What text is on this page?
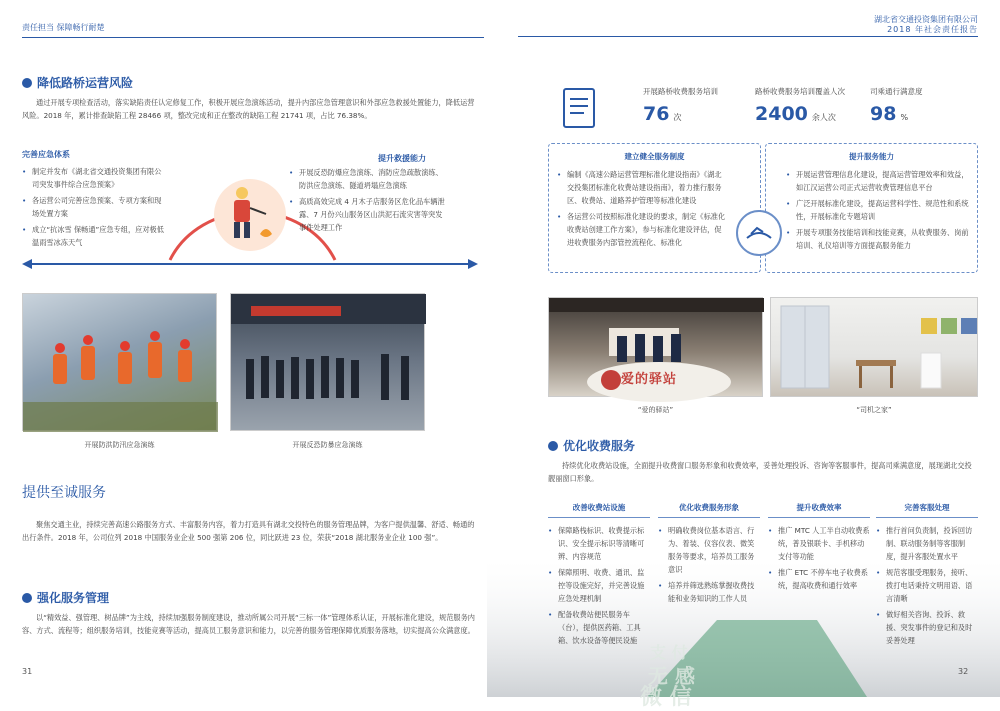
责任担当 保障畅行耐楚
湖北省交通投资集团有限公司
2018 年社会责任报告
降低路桥运营风险
通过开展专项检查活动，落实缺陷责任认定修复工作，积极开展应急演练活动，提升内部应急管理意识和外部应急救援处置能力，降低运营风险。2018 年，累计排查缺陷工程 28466 项，整改完成和正在整改的缺陷工程 21741 项，占比 76.38%。
完善应急体系	提升救援能力
• 制定并发布《湖北省交通投资集团有限公司突发事件综合应急预案》
• 各运营公司完善应急预案、专项方案和现场处置方案
• 成立“抗冰雪 保畅通”应急专组，应对极低温雨雪冰冻天气
• 开展反恐防爆应急演练、消防应急疏散演练、防洪应急演练、隧道坍塌应急演练
• 高质高效完成 4 月木子店服务区危化品车辆泄露、7 月份兴山服务区山洪泥石流灾害等突发事件处理工作
开展防洪防汛应急演练	开展反恐防暴应急演练
提供至诚服务
聚焦交通主业，持续完善高速公路服务方式、丰富服务内容，着力打造具有湖北交投特色的服务管理品牌，为客户提供温馨、舒适、畅通的出行条件。2018 年，公司位列 2018 中国服务业企业 500 强第 206 位，同比跃进 23 位，荣获“2018 湖北服务业企业 100 强”。
强化服务管理
以“精效益、强管理、树品牌”为主线，持续加强服务制度建设，推动所属公司开展“三标一体”管理体系认证，开展标准化建设，规范服务内容、方式、流程等；组织服务培训，技能竞赛等活动，提高员工服务意识和能力，以完善的服务管理保障优质服务落地，切实提高公众满意度。
31
开展路桥收费服务培训
76 次
路桥收费服务培训覆盖人次
2400 余人次
司乘通行满意度
98 %
建立健全服务制度
• 编制《高速公路运营管理标准化建设指南》《湖北交投集团标准化收费站建设指南》，着力推行服务区、收费站、道路养护管理等标准化建设
• 各运营公司按照标准化建设的要求，制定《标准化收费站创建工作方案》，参与标准化建设评估，促进收费服务内部管控流程化、标准化
提升服务能力
• 开展运营管理信息化建设，提高运营管理效率和效益，如江汉运营公司正式运营收费管理信息平台
• 广泛开展标准化建设，提高运营科学性、规范性和系统性，开展标准化专题培训
• 开展专项服务技能培训和技能竞赛，从收费服务、岗前培训、礼仪培训等方面提高服务能力
爱的驿站
“爱的驿站”	“司机之家”
优化收费服务
持续优化收费站设施，全面提升收费窗口服务形象和收费效率，妥善处理投诉、咨询等客服事件，提高司乘满意度，展现湖北交投靓丽窗口形象。
支 付
无 感
微 信
改善收费站设施
• 保障路栈标识、收费提示标识、安全提示标识等清晰可辨、内容规范
• 保障照明、收费、通讯、监控等设施完好，并完善设施应急处理机制
• 配备收费站便民服务车（台），提供医药箱、工具箱、饮水设备等便民设施
优化收费服务形象
• 明确收费岗位基本语言、行为、着装、仪容仪表、微笑服务等要求，培养员工服务意识
• 培养并筛选熟练掌握收费技能和业务知识的工作人员
提升收费效率
• 推广 MTC 人工半自动收费系统，普及银联卡、手机移动支付等功能
• 推广 ETC 不停车电子收费系统，提高收费和通行效率
完善客服处理
• 推行首问负责制，投诉回访制、联动服务制等客服制度，提升客服处置水平
• 规范客服受理服务，接听、拨打电话秉持文明用语、语言清晰
• 做好相关咨询、投诉、救援、突发事件的登记和及时妥善处理
32
